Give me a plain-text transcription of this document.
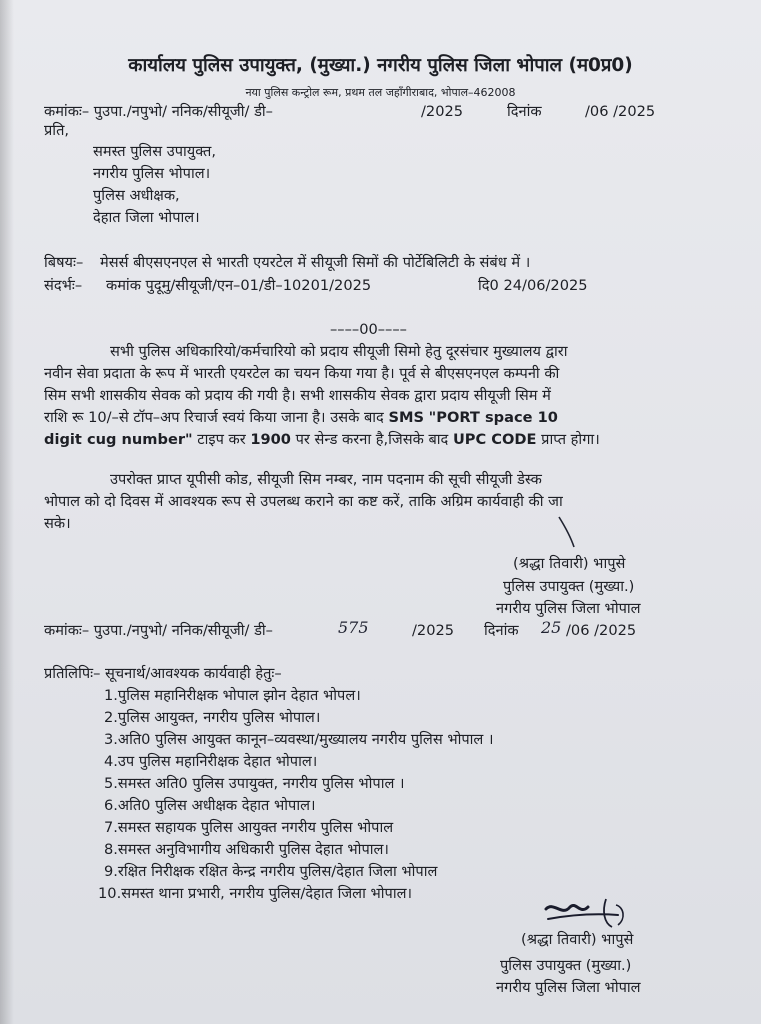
कार्यालय पुलिस उपायुक्त, (मुख्या.) नगरीय पुलिस जिला भोपाल (म0प्र0)
नया पुलिस कन्ट्रोल रूम, प्रथम तल जहाँगीराबाद, भोपाल–462008
कमांकः– पुउपा./नपुभो/ ननिक/सीयूजी/ डी–	/2025	दिनांक	/06 /2025
प्रति,
समस्त पुलिस उपायुक्त,
नगरीय पुलिस भोपाल।
पुलिस अधीक्षक,
देहात जिला भोपाल।
बिषयः– मेसर्स बीएसएनएल से भारती एयरटेल में सीयूजी सिमों की पोर्टेबिलिटी के संबंध में ।
संदर्भः– कमांक पुदूमु/सीयूजी/एन–01/डी–10201/2025	दि0 24/06/2025
––––00––––
सभी पुलिस अधिकारियो/कर्मचारियो को प्रदाय सीयूजी सिमो हेतु दूरसंचार मुख्यालय द्वारा
नवीन सेवा प्रदाता के रूप में भारती एयरटेल का चयन किया गया है। पूर्व से बीएसएनएल कम्पनी की
सिम सभी शासकीय सेवक को प्रदाय की गयी है। सभी शासकीय सेवक द्वारा प्रदाय सीयूजी सिम में
राशि रू 10/–से टॉप–अप रिचार्ज स्वयं किया जाना है। उसके बाद SMS "PORT space 10
digit cug number" टाइप कर 1900 पर सेन्ड करना है,जिसके बाद UPC CODE प्राप्त होगा।
उपरोक्त प्राप्त यूपीसी कोड, सीयूजी सिम नम्बर, नाम पदनाम की सूची सीयूजी डेस्क
भोपाल को दो दिवस में आवश्यक रूप से उपलब्ध कराने का कष्ट करें, ताकि अग्रिम कार्यवाही की जा
सके।
(श्रद्धा तिवारी) भापुसे
पुलिस उपायुक्त (मुख्या.)
नगरीय पुलिस जिला भोपाल
कमांकः– पुउपा./नपुभो/ ननिक/सीयूजी/ डी–	575	/2025 दिनांक 25 /06 /2025
प्रतिलिपिः– सूचनार्थ/आवश्यक कार्यवाही हेतुः–
1.पुलिस महानिरीक्षक भोपाल झोन देहात भोपल।
2.पुलिस आयुक्त, नगरीय पुलिस भोपाल।
3.अति0 पुलिस आयुक्त कानून–व्यवस्था/मुख्यालय नगरीय पुलिस भोपाल ।
4.उप पुलिस महानिरीक्षक देहात भोपाल।
5.समस्त अति0 पुलिस उपायुक्त, नगरीय पुलिस भोपाल ।
6.अति0 पुलिस अधीक्षक देहात भोपाल।
7.समस्त सहायक पुलिस आयुक्त नगरीय पुलिस भोपाल
8.समस्त अनुविभागीय अधिकारी पुलिस देहात भोपाल।
9.रक्षित निरीक्षक रक्षित केन्द्र नगरीय पुलिस/देहात जिला भोपाल
10.समस्त थाना प्रभारी, नगरीय पुलिस/देहात जिला भोपाल।
(श्रद्धा तिवारी) भापुसे
पुलिस उपायुक्त (मुख्या.)
नगरीय पुलिस जिला भोपाल
